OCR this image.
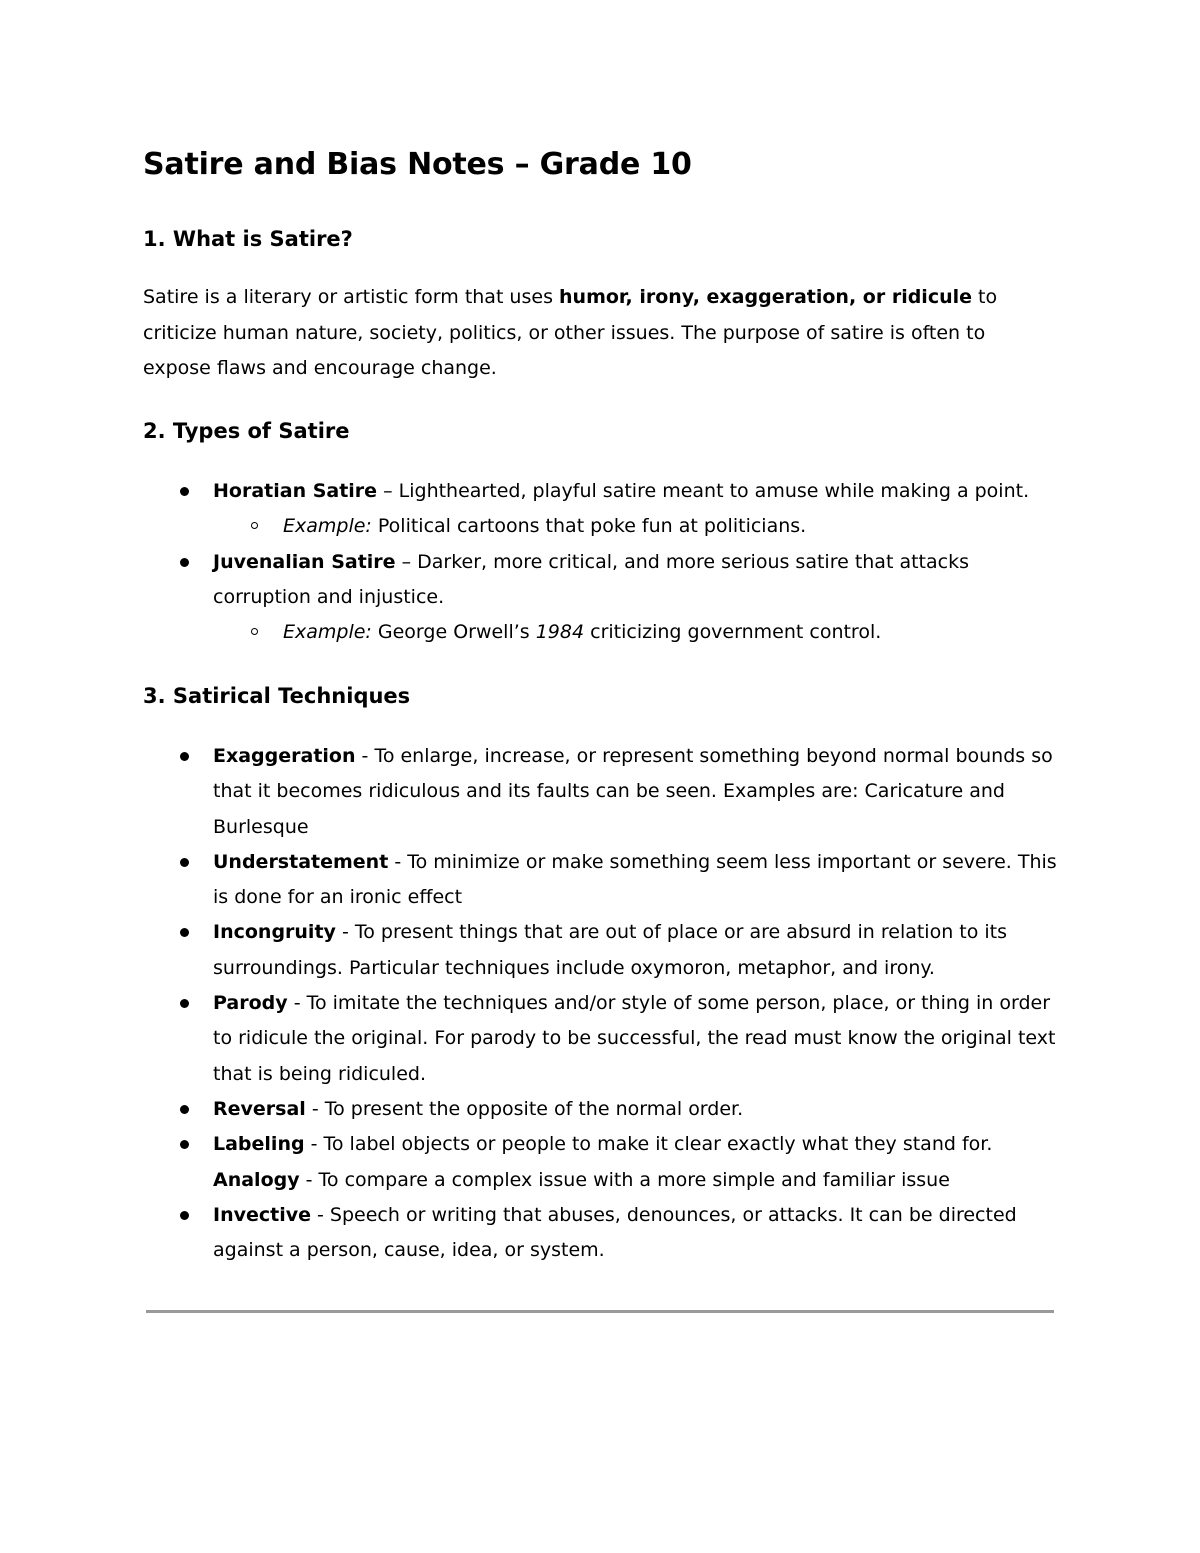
Satire and Bias Notes – Grade 10
1. What is Satire?

Satire is a literary or artistic form that uses humor, irony, exaggeration, or ridicule to criticize human nature, society, politics, or other issues. The purpose of satire is often to expose flaws and encourage change.

2. Types of Satire
Horatian Satire – Lighthearted, playful satire meant to amuse while making a point.
Example: Political cartoons that poke fun at politicians.
Juvenalian Satire – Darker, more critical, and more serious satire that attacks corruption and injustice.
Example: George Orwell’s 1984 criticizing government control.
3. Satirical Techniques
Exaggeration - To enlarge, increase, or represent something beyond normal bounds so that it becomes ridiculous and its faults can be seen. Examples are: Caricature and Burlesque
Understatement - To minimize or make something seem less important or severe. This is done for an ironic effect
Incongruity - To present things that are out of place or are absurd in relation to its surroundings. Particular techniques include oxymoron, metaphor, and irony.
Parody - To imitate the techniques and/or style of some person, place, or thing in order to ridicule the original. For parody to be successful, the read must know the original text that is being ridiculed.
Reversal - To present the opposite of the normal order.
Labeling - To label objects or people to make it clear exactly what they stand for.
Analogy - To compare a complex issue with a more simple and familiar issue
Invective - Speech or writing that abuses, denounces, or attacks. It can be directed against a person, cause, idea, or system.
